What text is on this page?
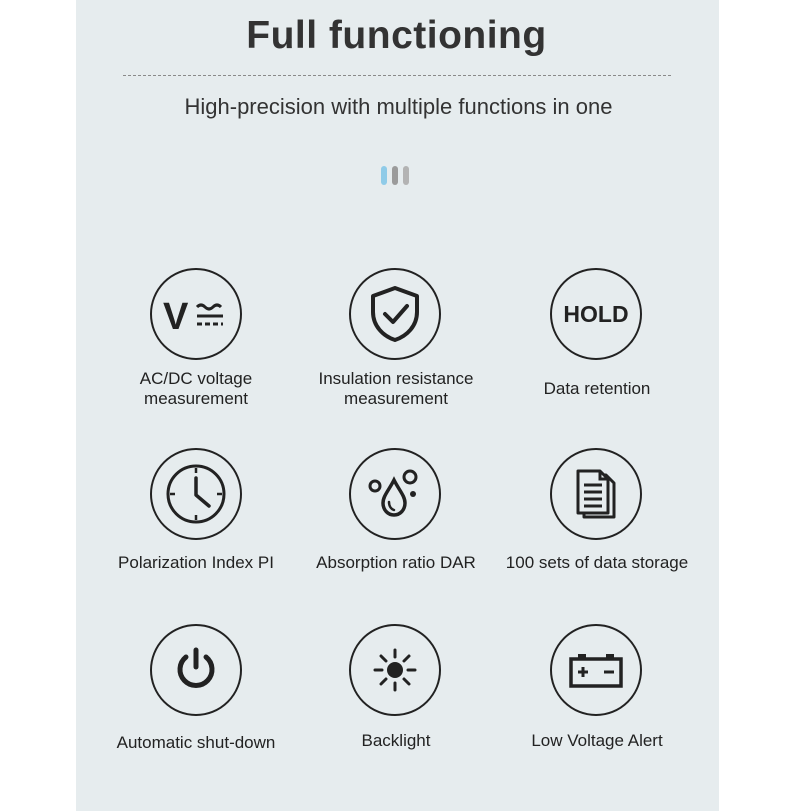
Full functioning
High-precision with multiple functions in one
V
AC/DC voltage
measurement
Insulation resistance
measurement
HOLD
Data retention
Polarization Index PI	Absorption ratio DAR	100 sets of data storage
Automatic shut-down	Backlight	Low Voltage Alert
